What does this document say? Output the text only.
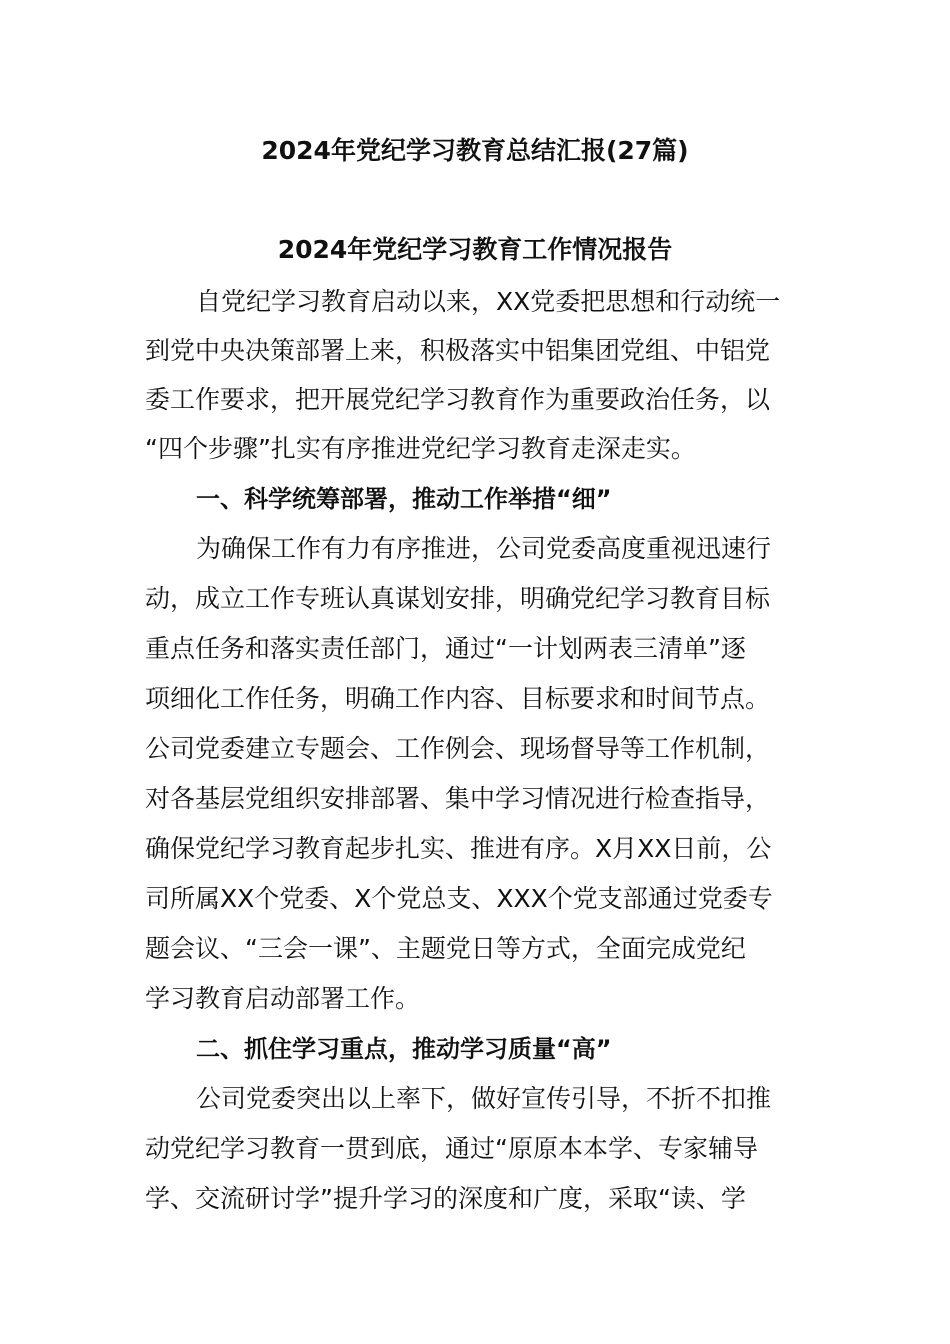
2024年党纪学习教育总结汇报(27篇)
2024年党纪学习教育工作情况报告
自党纪学习教育启动以来，XX党委把思想和行动统一
到党中央决策部署上来，积极落实中铝集团党组、中铝党
委工作要求，把开展党纪学习教育作为重要政治任务，以
“四个步骤”扎实有序推进党纪学习教育走深走实。
一、科学统筹部署，推动工作举措“细”
为确保工作有力有序推进，公司党委高度重视迅速行
动，成立工作专班认真谋划安排，明确党纪学习教育目标
重点任务和落实责任部门，通过“一计划两表三清单”逐
项细化工作任务，明确工作内容、目标要求和时间节点。
公司党委建立专题会、工作例会、现场督导等工作机制，
对各基层党组织安排部署、集中学习情况进行检查指导，
确保党纪学习教育起步扎实、推进有序。X月XX日前，公
司所属XX个党委、X个党总支、XXX个党支部通过党委专
题会议、“三会一课”、主题党日等方式，全面完成党纪
学习教育启动部署工作。
二、抓住学习重点，推动学习质量“高”
公司党委突出以上率下，做好宣传引导，不折不扣推
动党纪学习教育一贯到底，通过“原原本本学、专家辅导
学、交流研讨学”提升学习的深度和广度，采取“读、学
